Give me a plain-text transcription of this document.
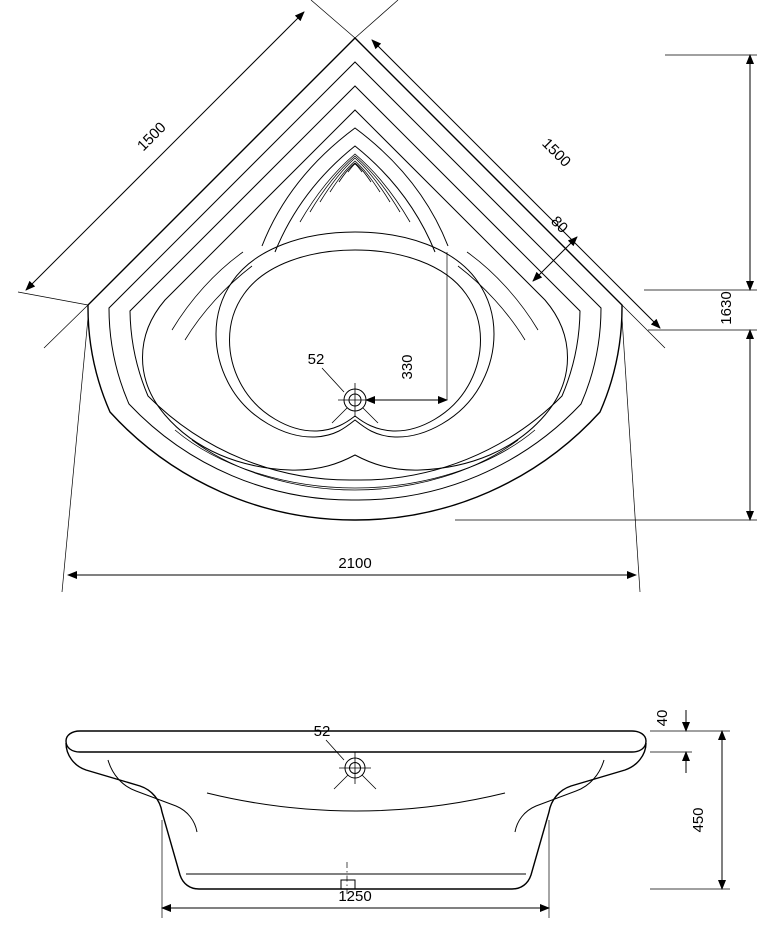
1500	1500
80
1630
2100
52	330
52
40
450
1250
